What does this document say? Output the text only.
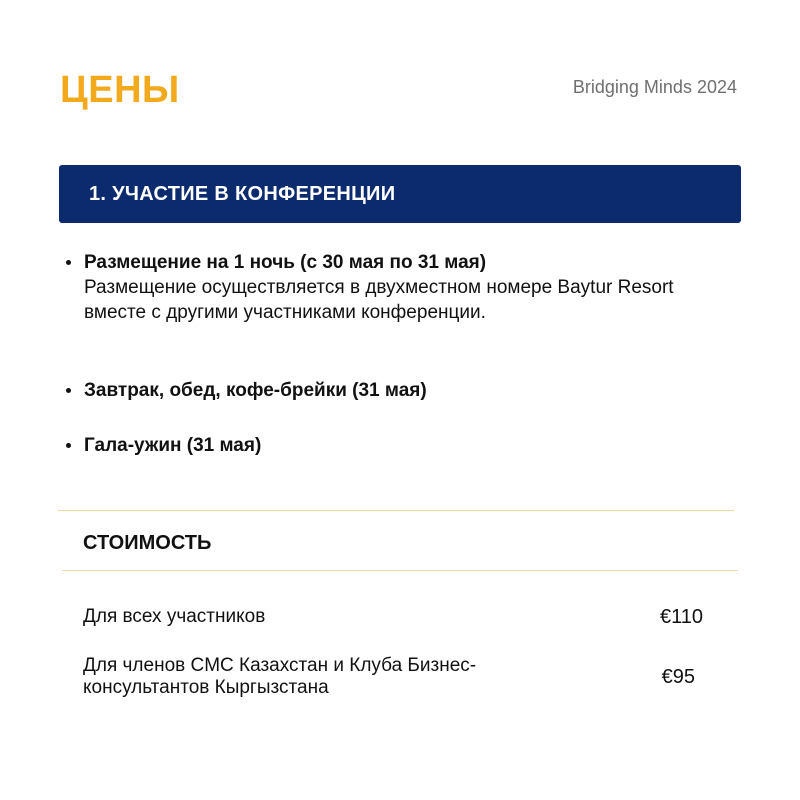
ЦЕНЫ	Bridging Minds 2024
1. УЧАСТИЕ В КОНФЕРЕНЦИИ
Размещение на 1 ночь (с 30 мая по 31 мая)
Размещение осуществляется в двухместном номере Baytur Resort вместе с другими участниками конференции.
Завтрак, обед, кофе-брейки (31 мая)
Гала-ужин (31 мая)
СТОИМОСТЬ
Для всех участников	€110
Для членов CMC Казахстан и Клуба Бизнес-консультантов Кыргызстана	€95
